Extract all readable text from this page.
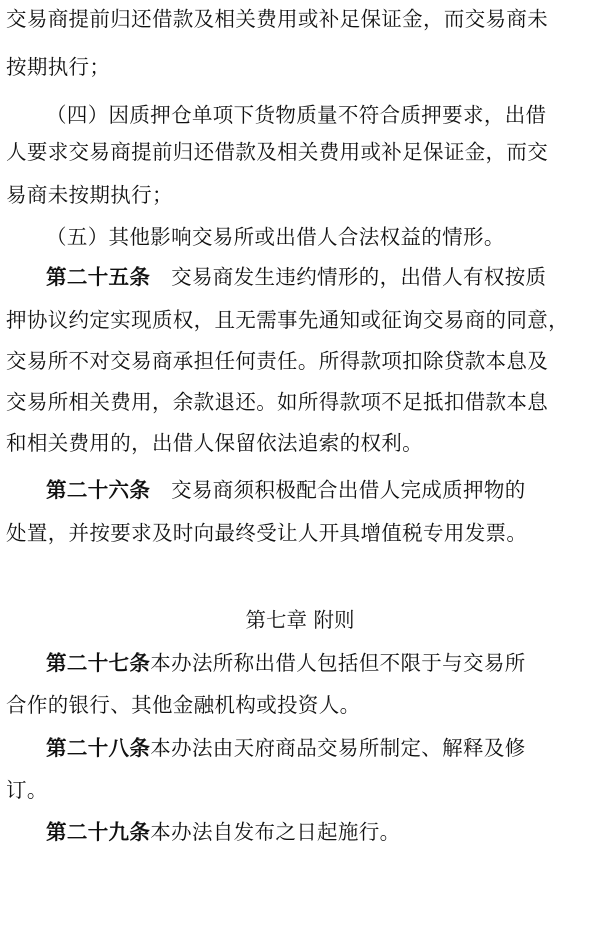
交易商提前归还借款及相关费用或补足保证金，而交易商未
按期执行；
（四）因质押仓单项下货物质量不符合质押要求，出借
人要求交易商提前归还借款及相关费用或补足保证金，而交
易商未按期执行；
（五）其他影响交易所或出借人合法权益的情形。
第二十五条　交易商发生违约情形的，出借人有权按质
押协议约定实现质权，且无需事先通知或征询交易商的同意，
交易所不对交易商承担任何责任。所得款项扣除贷款本息及
交易所相关费用，余款退还。如所得款项不足抵扣借款本息
和相关费用的，出借人保留依法追索的权利。
第二十六条　交易商须积极配合出借人完成质押物的
处置，并按要求及时向最终受让人开具增值税专用发票。
第七章 附则
第二十七条本办法所称出借人包括但不限于与交易所
合作的银行、其他金融机构或投资人。
第二十八条本办法由天府商品交易所制定、解释及修
订。
第二十九条本办法自发布之日起施行。
